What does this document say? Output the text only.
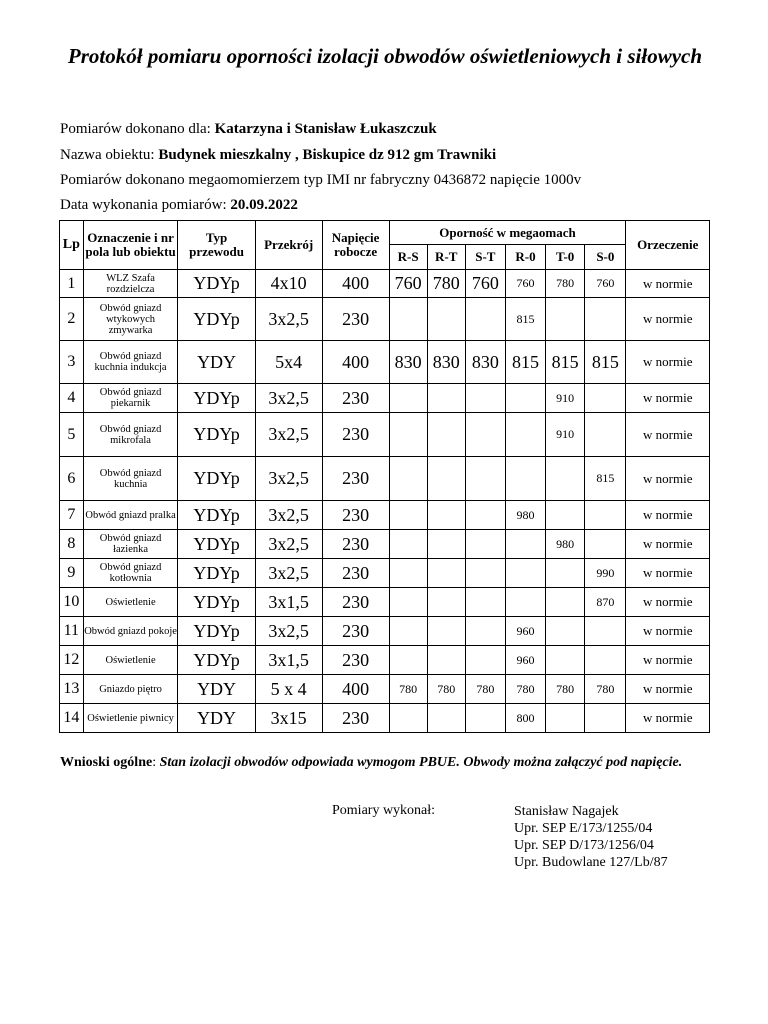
Protokół pomiaru oporności izolacji obwodów oświetleniowych i siłowych
Pomiarów dokonano dla: Katarzyna i Stanisław Łukaszczuk
Nazwa obiektu: Budynek mieszkalny , Biskupice dz 912 gm Trawniki
Pomiarów dokonano megaomomierzem typ IMI nr fabryczny 0436872 napięcie 1000v
Data wykonania pomiarów: 20.09.2022
Lp	Oznaczenie i nr pola lub obiektu	Typ przewodu	Przekrój	Napięcie robocze	Oporność w megaomach						Orzeczenie
					R-S	R-T	S-T	R-0	T-0	S-0	
1	WLZ Szafa rozdzielcza	YDYp	4x10	400	760	780	760	760	780	760	w normie
2	Obwód gniazd wtykowych zmywarka	YDYp	3x2,5	230				815			w normie
3	Obwód gniazd kuchnia indukcja	YDY	5x4	400	830	830	830	815	815	815	w normie
4	Obwód gniazd piekarnik	YDYp	3x2,5	230					910		w normie
5	Obwód gniazd mikrofala	YDYp	3x2,5	230					910		w normie
6	Obwód gniazd kuchnia	YDYp	3x2,5	230						815	w normie
7	Obwód gniazd pralka	YDYp	3x2,5	230				980			w normie
8	Obwód gniazd łazienka	YDYp	3x2,5	230					980		w normie
9	Obwód gniazd kotłownia	YDYp	3x2,5	230						990	w normie
10	Oświetlenie	YDYp	3x1,5	230						870	w normie
11	Obwód gniazd pokoje	YDYp	3x2,5	230				960			w normie
12	Oświetlenie	YDYp	3x1,5	230				960			w normie
13	Gniazdo piętro	YDY	5 x 4	400	780	780	780	780	780	780	w normie
14	Oświetlenie piwnicy	YDY	3x15	230				800			w normie
Wnioski ogólne: Stan izolacji obwodów odpowiada wymogom PBUE. Obwody można załączyć pod napięcie.
Pomiary wykonał:	Stanisław Nagajek
Upr. SEP E/173/1255/04
Upr. SEP D/173/1256/04
Upr. Budowlane 127/Lb/87
